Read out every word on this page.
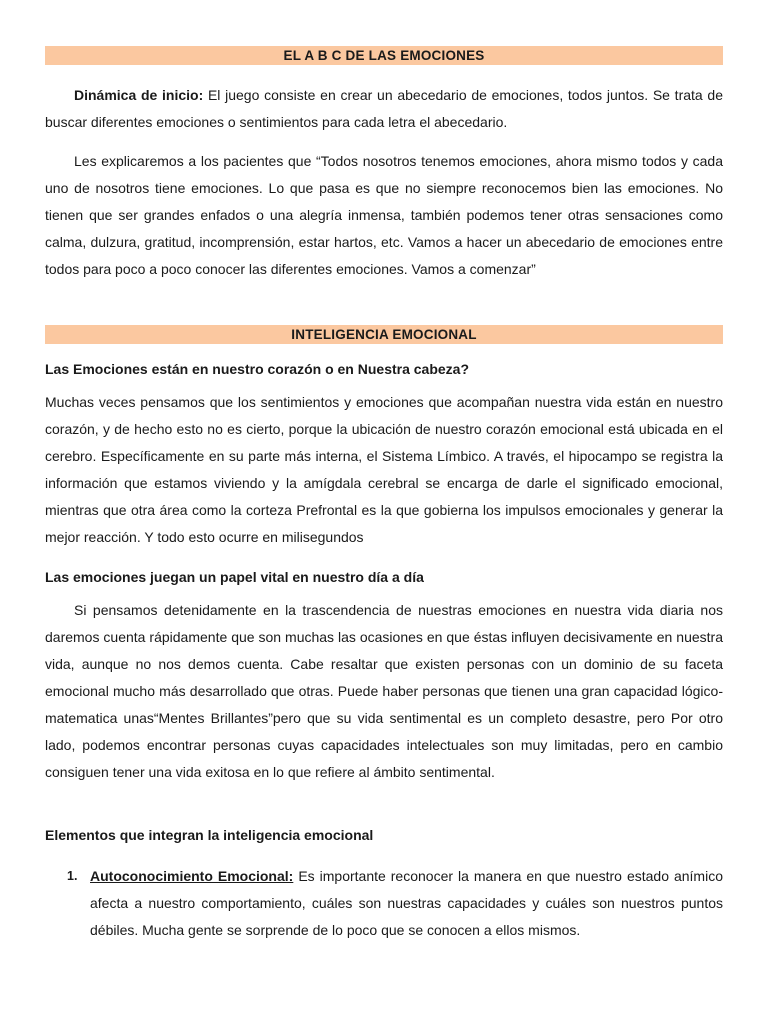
EL A B C DE LAS EMOCIONES

Dinámica de inicio: El juego consiste en crear un abecedario de emociones, todos juntos. Se trata de buscar diferentes emociones o sentimientos para cada letra el abecedario.

Les explicaremos a los pacientes que “Todos nosotros tenemos emociones, ahora mismo todos y cada uno de nosotros tiene emociones. Lo que pasa es que no siempre reconocemos bien las emociones. No tienen que ser grandes enfados o una alegría inmensa, también podemos tener otras sensaciones como calma, dulzura, gratitud, incomprensión, estar hartos, etc. Vamos a hacer un abecedario de emociones entre todos para poco a poco conocer las diferentes emociones. Vamos a comenzar”

INTELIGENCIA EMOCIONAL

Las Emociones están en nuestro corazón o en Nuestra cabeza?

Muchas veces pensamos que los sentimientos y emociones que acompañan nuestra vida están en nuestro corazón, y de hecho esto no es cierto, porque la ubicación de nuestro corazón emocional está ubicada en el cerebro. Específicamente en su parte más interna, el Sistema Límbico. A través, el hipocampo se registra la información que estamos viviendo y la amígdala cerebral se encarga de darle el significado emocional, mientras que otra área como la corteza Prefrontal es la que gobierna los impulsos emocionales y generar la mejor reacción. Y todo esto ocurre en milisegundos

Las emociones juegan un papel vital en nuestro día a día

Si pensamos detenidamente en la trascendencia de nuestras emociones en nuestra vida diaria nos daremos cuenta rápidamente que son muchas las ocasiones en que éstas influyen decisivamente en nuestra vida, aunque no nos demos cuenta. Cabe resaltar que existen personas con un dominio de su faceta emocional mucho más desarrollado que otras. Puede haber personas que tienen una gran capacidad lógico-matematica unas“Mentes Brillantes”pero que su vida sentimental es un completo desastre, pero Por otro lado, podemos encontrar personas cuyas capacidades intelectuales son muy limitadas, pero en cambio consiguen tener una vida exitosa en lo que refiere al ámbito sentimental.

Elementos que integran la inteligencia emocional

1. Autoconocimiento Emocional: Es importante reconocer la manera en que nuestro estado anímico afecta a nuestro comportamiento, cuáles son nuestras capacidades y cuáles son nuestros puntos débiles. Mucha gente se sorprende de lo poco que se conocen a ellos mismos.
